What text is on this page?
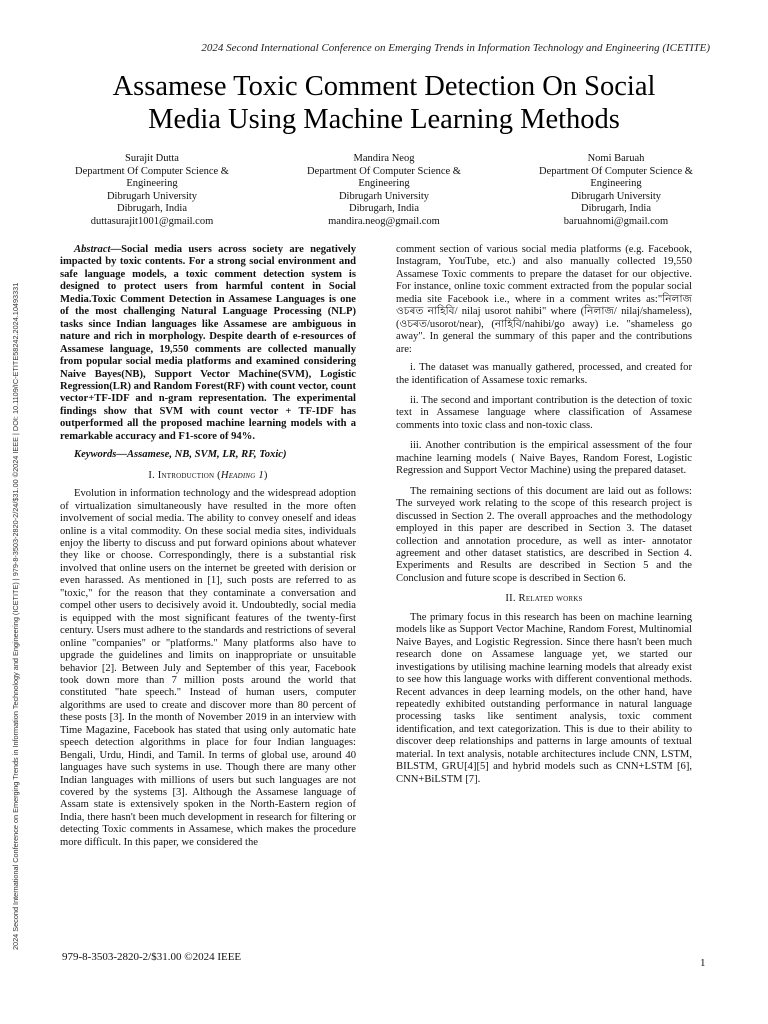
2024 Second International Conference on Emerging Trends in Information Technology and Engineering (ICETITE)
2024 Second International Conference on Emerging Trends in Information Technology and Engineering (ICETITE) | 979-8-3503-2820-2/24/$31.00 ©2024 IEEE | DOI: 10.1109/IC-ETITE58242.2024.10493331
Assamese Toxic Comment Detection On Social
Media Using Machine Learning Methods
Surajit Dutta
Department Of Computer Science & Engineering
Dibrugarh University
Dibrugarh, India
duttasurajit1001@gmail.com
Mandira Neog
Department Of Computer Science & Engineering
Dibrugarh University
Dibrugarh, India
mandira.neog@gmail.com
Nomi Baruah
Department Of Computer Science & Engineering
Dibrugarh University
Dibrugarh, India
baruahnomi@gmail.com

Abstract—Social media users across society are negatively impacted by toxic contents. For a strong social environment and safe language models, a toxic comment detection system is designed to protect users from harmful content in Social Media.Toxic Comment Detection in Assamese Languages is one of the most challenging Natural Language Processing (NLP) tasks since Indian languages like Assamese are ambiguous in nature and rich in morphology. Despite dearth of e-resources of Assamese language, 19,550 comments are collected manually from popular social media platforms and examined considering Naive Bayes(NB), Support Vector Machine(SVM), Logistic Regression(LR) and Random Forest(RF) with count vector, count vector+TF-IDF and n-gram representation. The experimental findings show that SVM with count vector + TF-IDF has outperformed all the proposed machine learning models with a remarkable accuracy and F1-score of 94%.

Keywords—Assamese, NB, SVM, LR, RF, Toxic)

I. Introduction (Heading 1)

Evolution in information technology and the widespread adoption of virtualization simultaneously have resulted in the more often involvement of social media. The ability to convey oneself and ideas online is a vital commodity. On these social media sites, individuals enjoy the liberty to discuss and put forward opinions about whatever they like or choose. Correspondingly, there is a substantial risk involved that online users on the internet be greeted with derision or even harassed. As mentioned in [1], such posts are referred to as "toxic," for the reason that they contaminate a conversation and compel other users to decisively avoid it. Undoubtedly, social media is equipped with the most significant features of the twenty-first century. Users must adhere to the standards and restrictions of several online "companies" or "platforms." Many platforms also have to upgrade the guidelines and limits on inappropriate or unsuitable behavior [2]. Between July and September of this year, Facebook took down more than 7 million posts around the world that constituted "hate speech." Instead of human users, computer algorithms are used to create and discover more than 80 percent of these posts [3]. In the month of November 2019 in an interview with Time Magazine, Facebook has stated that using only automatic hate speech detection algorithms in place for four Indian languages: Bengali, Urdu, Hindi, and Tamil. In terms of global use, around 40 languages have such systems in use. Though there are many other Indian languages with millions of users but such languages are not covered by the systems [3]. Although the Assamese language of Assam state is extensively spoken in the North-Eastern region of India, there hasn't been much development in research for filtering or detecting Toxic comments in Assamese, which makes the procedure more difficult. In this paper, we considered the

comment section of various social media platforms (e.g. Facebook, Instagram, YouTube, etc.) and also manually collected 19,550 Assamese Toxic comments to prepare the dataset for our objective. For instance, online toxic comment extracted from the popular social media site Facebook i.e., where in a comment writes as:"নিলাজ ওচৰত নাহিবি/ nilaj usorot nahibi" where (নিলাজ/ nilaj/shameless), (ওচৰত/usorot/near), (নাহিবি/nahibi/go away) i.e. "shameless go away". In general the summary of this paper and the contributions are:

i. The dataset was manually gathered, processed, and created for the identification of Assamese toxic remarks.
ii. The second and important contribution is the detection of toxic text in Assamese language where classification of Assamese comments into toxic class and non-toxic class.
iii. Another contribution is the empirical assessment of the four machine learning models ( Naive Bayes, Random Forest, Logistic Regression and Support Vector Machine) using the prepared dataset.

The remaining sections of this document are laid out as follows: The surveyed work relating to the scope of this research project is discussed in Section 2. The overall approaches and the methodology employed in this paper are described in Section 3. The dataset collection and annotation procedure, as well as inter- annotator agreement and other dataset statistics, are described in Section 4. Experiments and Results are described in Section 5 and the Conclusion and future scope is described in Section 6.

II. Related works

The primary focus in this research has been on machine learning models like as Support Vector Machine, Random Forest, Multinomial Naive Bayes, and Logistic Regression. Since there hasn't been much research done on Assamese language yet, we started our investigations by utilising machine learning models that already exist to see how this language works with different conventional methods. Recent advances in deep learning models, on the other hand, have repeatedly exhibited outstanding performance in natural language processing tasks like sentiment analysis, toxic comment identification, and text categorization. This is due to their ability to discover deep relationships and patterns in large amounts of textual material. In text analysis, notable architectures include CNN, LSTM, BILSTM, GRU[4][5] and hybrid models such as CNN+LSTM [6], CNN+BiLSTM [7].

979-8-3503-2820-2/$31.00 ©2024 IEEE	1
